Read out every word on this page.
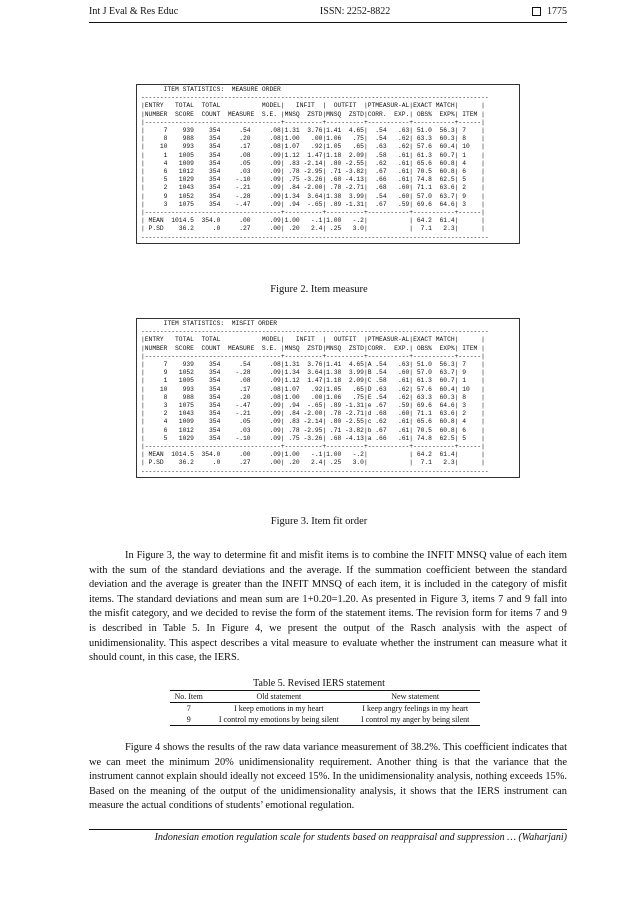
Int J Eval & Res Educ	ISSN: 2252-8822	1775
ITEM STATISTICS:  MEASURE ORDER
--------------------------------------------------------------------------------------------
|ENTRY   TOTAL  TOTAL           MODEL|   INFIT  |  OUTFIT  |PTMEASUR-AL|EXACT MATCH|      |
|NUMBER  SCORE  COUNT  MEASURE  S.E. |MNSQ  ZSTD|MNSQ  ZSTD|CORR.  EXP.| OBS%  EXP%| ITEM |
|------------------------------------+----------+----------+-----------+-----------+------|
|     7    939    354     .54     .08|1.31  3.76|1.41  4.65|  .54   .63| 51.0  56.3| 7    |
|     8    988    354     .20     .08|1.00   .00|1.06   .75|  .54   .62| 63.3  60.3| 8    |
|    10    993    354     .17     .08|1.07   .92|1.05   .65|  .63   .62| 57.6  60.4| 10   |
|     1   1005    354     .08     .09|1.12  1.47|1.18  2.09|  .58   .61| 61.3  60.7| 1    |
|     4   1009    354     .05     .09| .83 -2.14| .80 -2.55|  .62   .61| 65.6  60.8| 4    |
|     6   1012    354     .03     .09| .78 -2.95| .71 -3.82|  .67   .61| 70.5  60.8| 6    |
|     5   1029    354    -.10     .09| .75 -3.26| .68 -4.13|  .66   .61| 74.8  62.5| 5    |
|     2   1043    354    -.21     .09| .84 -2.00| .78 -2.71|  .68   .60| 71.1  63.6| 2    |
|     9   1052    354    -.28     .09|1.34  3.64|1.38  3.99|  .54   .60| 57.0  63.7| 9    |
|     3   1075    354    -.47     .09| .94  -.65| .89 -1.31|  .67   .59| 69.6  64.6| 3    |
|------------------------------------+----------+----------+-----------+-----------+------|
| MEAN  1014.5  354.0     .00     .09|1.00   -.1|1.00   -.2|           | 64.2  61.4|      |
| P.SD    36.2     .0     .27     .00| .20   2.4| .25   3.0|           |  7.1   2.3|      |
--------------------------------------------------------------------------------------------
Figure 2. Item measure
ITEM STATISTICS:  MISFIT ORDER
--------------------------------------------------------------------------------------------
|ENTRY   TOTAL  TOTAL           MODEL|   INFIT  |  OUTFIT  |PTMEASUR-AL|EXACT MATCH|      |
|NUMBER  SCORE  COUNT  MEASURE  S.E. |MNSQ  ZSTD|MNSQ  ZSTD|CORR.  EXP.| OBS%  EXP%| ITEM |
|------------------------------------+----------+----------+-----------+-----------+------|
|     7    939    354     .54     .08|1.31  3.76|1.41  4.65|A .54   .63| 51.0  56.3| 7    |
|     9   1052    354    -.28     .09|1.34  3.64|1.38  3.99|B .54   .60| 57.0  63.7| 9    |
|     1   1005    354     .08     .09|1.12  1.47|1.18  2.09|C .58   .61| 61.3  60.7| 1    |
|    10    993    354     .17     .08|1.07   .92|1.05   .65|D .63   .62| 57.6  60.4| 10   |
|     8    988    354     .20     .08|1.00   .00|1.06   .75|E .54   .62| 63.3  60.3| 8    |
|     3   1075    354    -.47     .09| .94  -.65| .89 -1.31|e .67   .59| 69.6  64.6| 3    |
|     2   1043    354    -.21     .09| .84 -2.00| .78 -2.71|d .68   .60| 71.1  63.6| 2    |
|     4   1009    354     .05     .09| .83 -2.14| .80 -2.55|c .62   .61| 65.6  60.8| 4    |
|     6   1012    354     .03     .09| .78 -2.95| .71 -3.82|b .67   .61| 70.5  60.8| 6    |
|     5   1029    354    -.10     .09| .75 -3.26| .68 -4.13|a .66   .61| 74.8  62.5| 5    |
|------------------------------------+----------+----------+-----------+-----------+------|
| MEAN  1014.5  354.0     .00     .09|1.00   -.1|1.00   -.2|           | 64.2  61.4|      |
| P.SD    36.2     .0     .27     .00| .20   2.4| .25   3.0|           |  7.1   2.3|      |
--------------------------------------------------------------------------------------------
Figure 3. Item fit order
In Figure 3, the way to determine fit and misfit items is to combine the INFIT MNSQ value of each item with the sum of the standard deviations and the average. If the summation coefficient between the standard deviation and the average is greater than the INFIT MNSQ of each item, it is included in the category of misfit items. The standard deviations and mean sum are 1+0.20=1.20. As presented in Figure 3, items 7 and 9 fall into the misfit category, and we decided to revise the form of the statement items. The revision form for items 7 and 9 is described in Table 5. In Figure 4, we present the output of the Rasch analysis with the aspect of unidimensionality. This aspect describes a vital measure to evaluate whether the instrument can measure what it should count, in this case, the IERS.
Table 5. Revised IERS statement
No. Item	Old statement	New statement
7	I keep emotions in my heart	I keep angry feelings in my heart
9	I control my emotions by being silent	I control my anger by being silent
Figure 4 shows the results of the raw data variance measurement of 38.2%. This coefficient indicates that we can meet the minimum 20% unidimensionality requirement. Another thing is that the variance that the instrument cannot explain should ideally not exceed 15%. In the unidimensionality analysis, nothing exceeds 15%. Based on the meaning of the output of the unidimensionality analysis, it shows that the IERS instrument can measure the actual conditions of students’ emotional regulation.
Indonesian emotion regulation scale for students based on reappraisal and suppression … (Waharjani)
